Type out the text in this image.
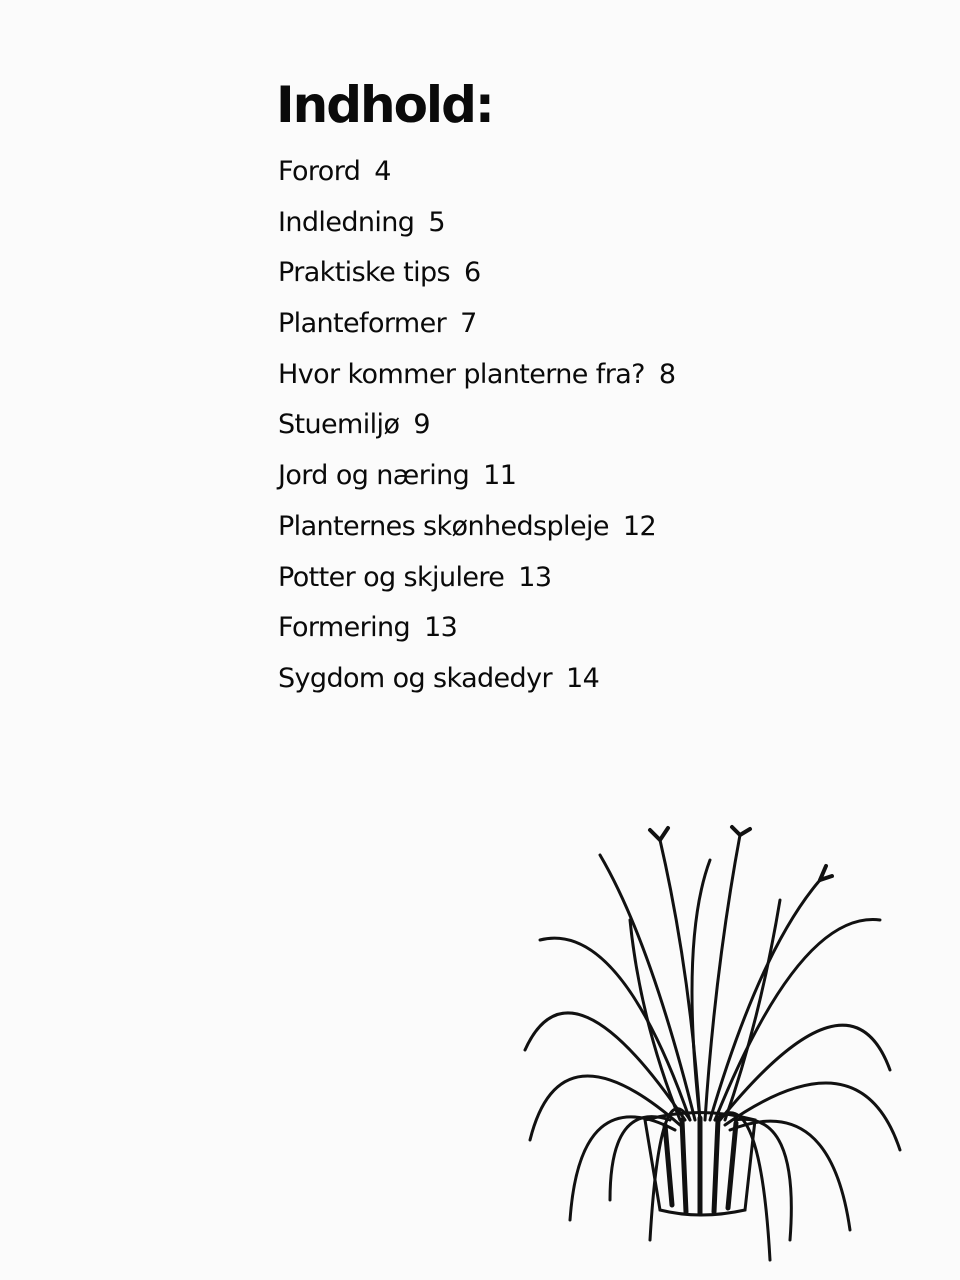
Indhold:
Forord 4
Indledning 5
Praktiske tips 6
Planteformer 7
Hvor kommer planterne fra? 8
Stuemiljø 9
Jord og næring 11
Planternes skønhedspleje 12
Potter og skjulere 13
Formering 13
Sygdom og skadedyr 14
